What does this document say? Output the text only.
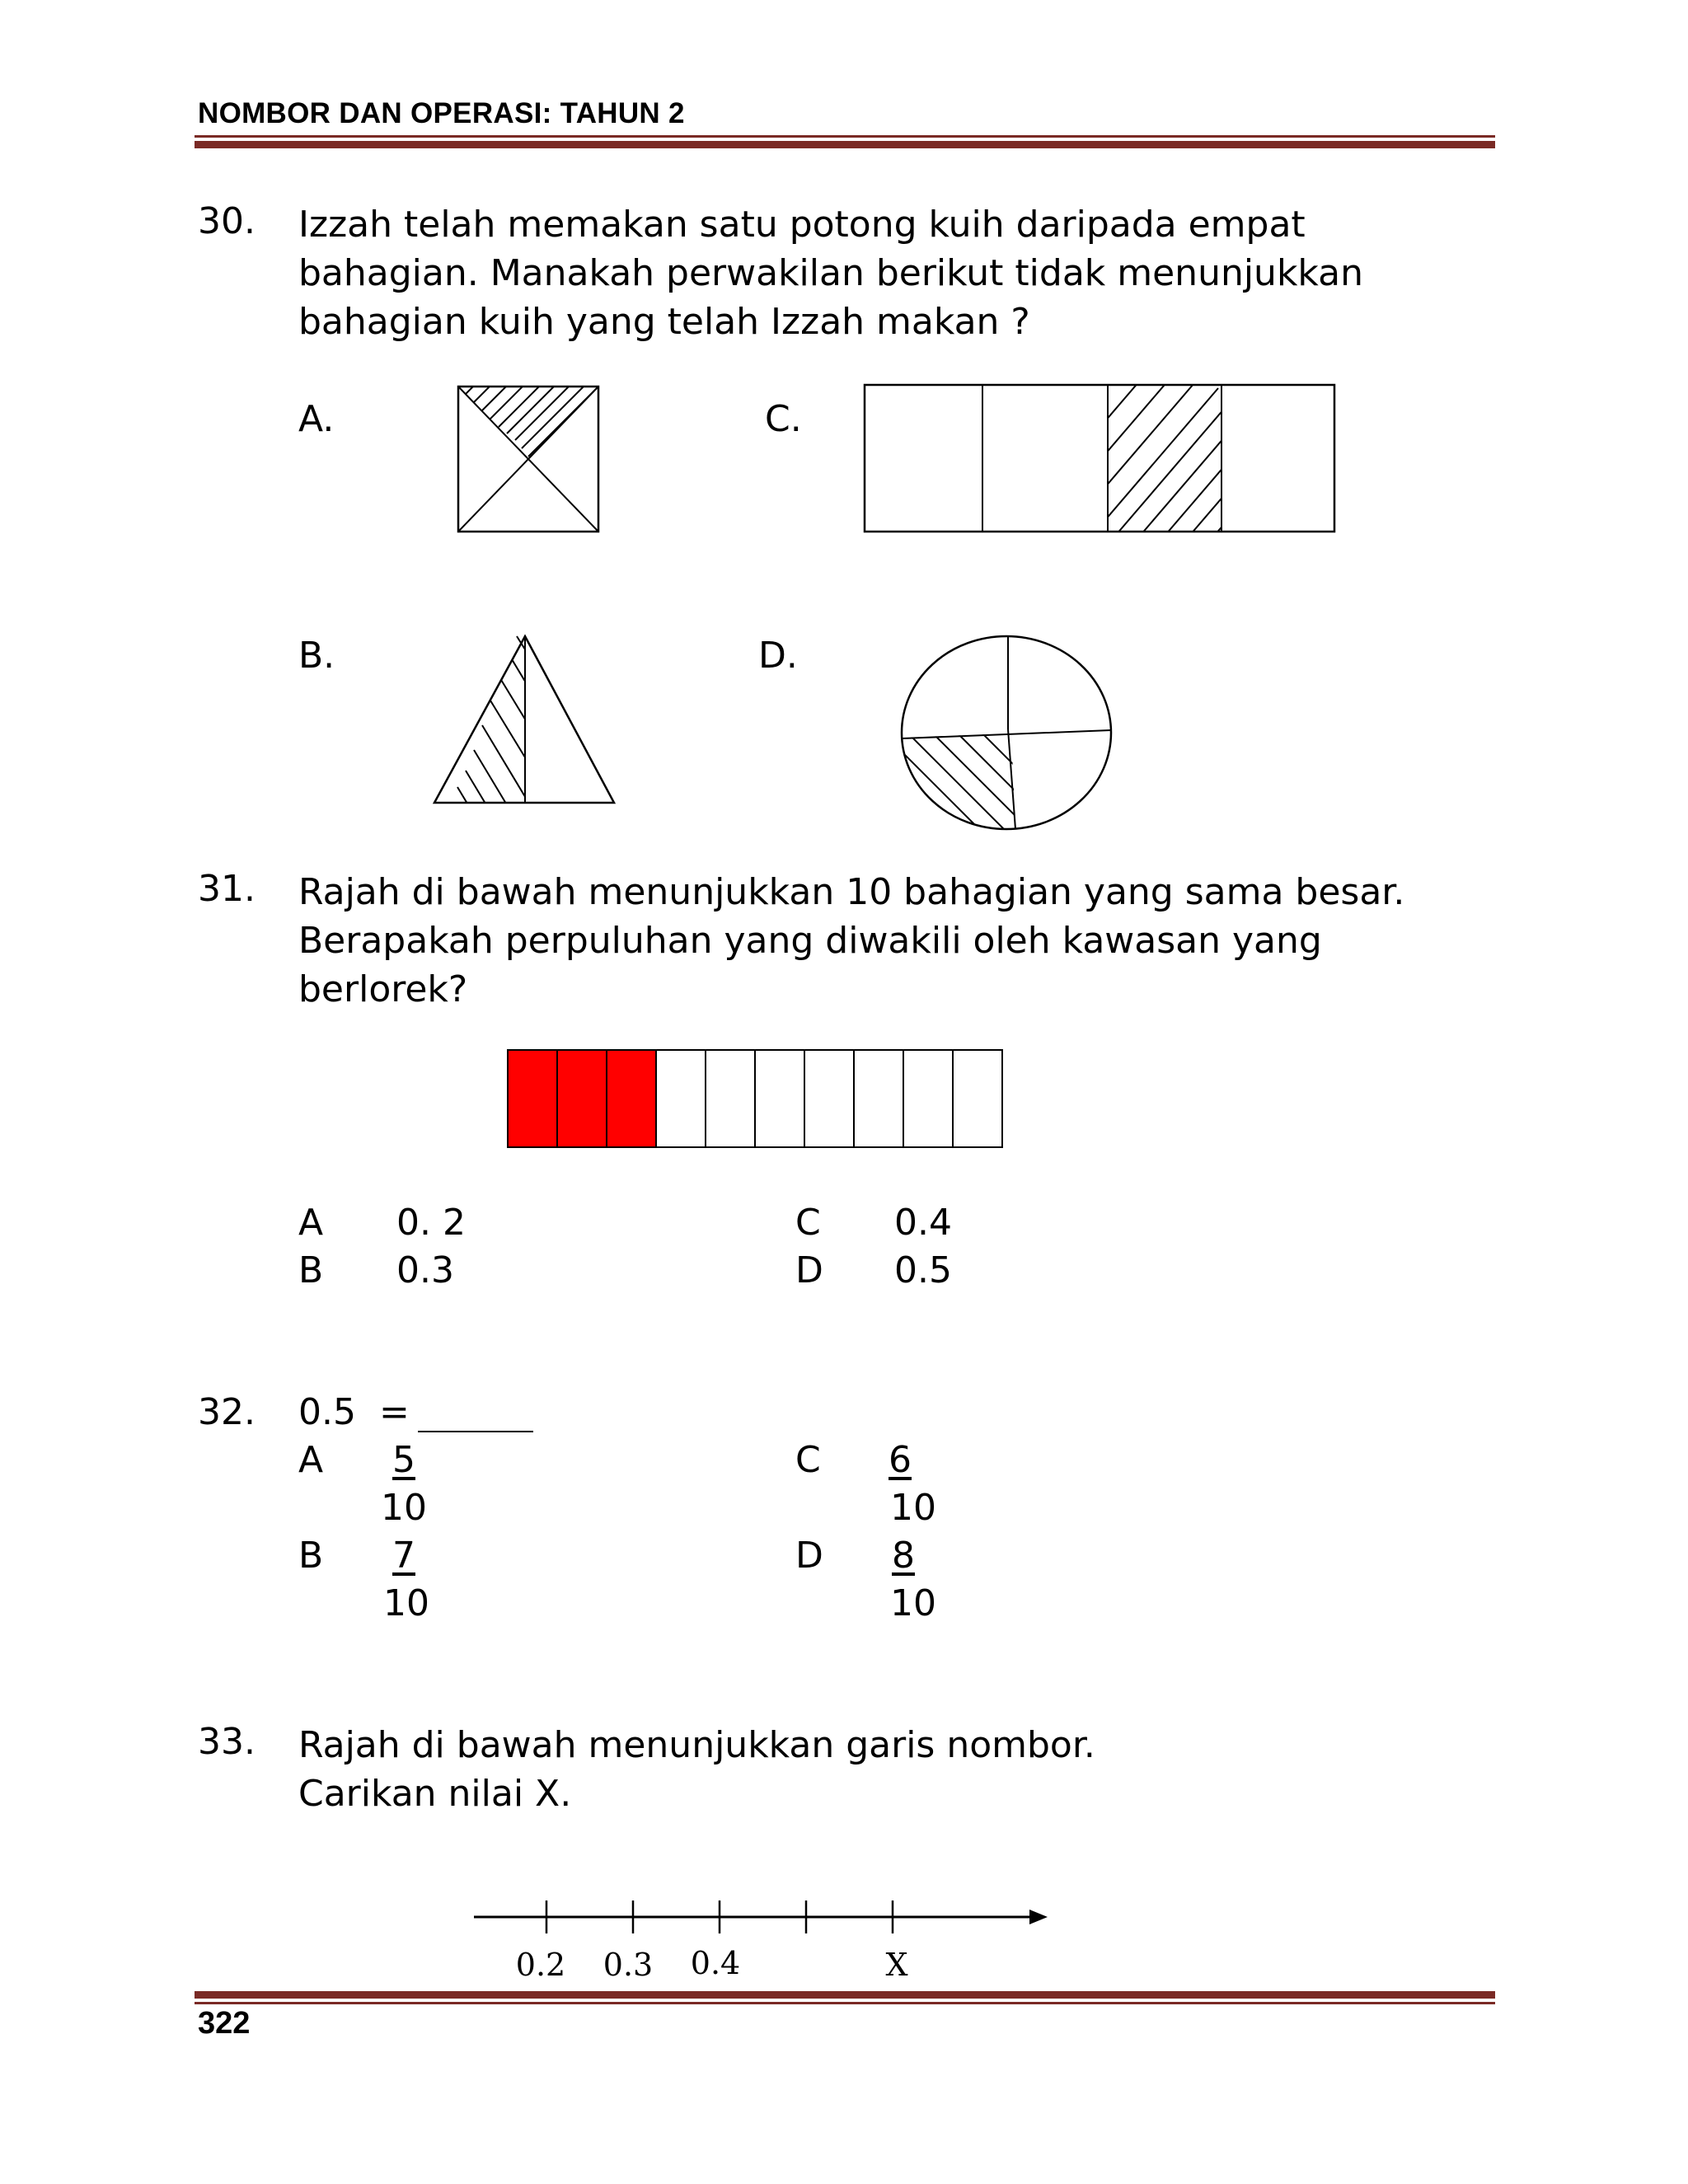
NOMBOR DAN OPERASI: TAHUN 2
30. Izzah telah memakan satu potong kuih daripada empat
bahagian. Manakah perwakilan berikut tidak menunjukkan
bahagian kuih yang telah Izzah makan ?
A.	C.
B.	D.
31. Rajah di bawah menunjukkan 10 bahagian yang sama besar.
Berapakah perpuluhan yang diwakili oleh kawasan yang
berlorek?
A 0. 2
B 0.3
C 0.4
D 0.5
32. 0.5  =
A	5
10
B	7
10
C 6
10
D 8
10
33. Rajah di bawah menunjukkan garis nombor.
Carikan nilai X.
0.2 0.3 0.4	X
322
